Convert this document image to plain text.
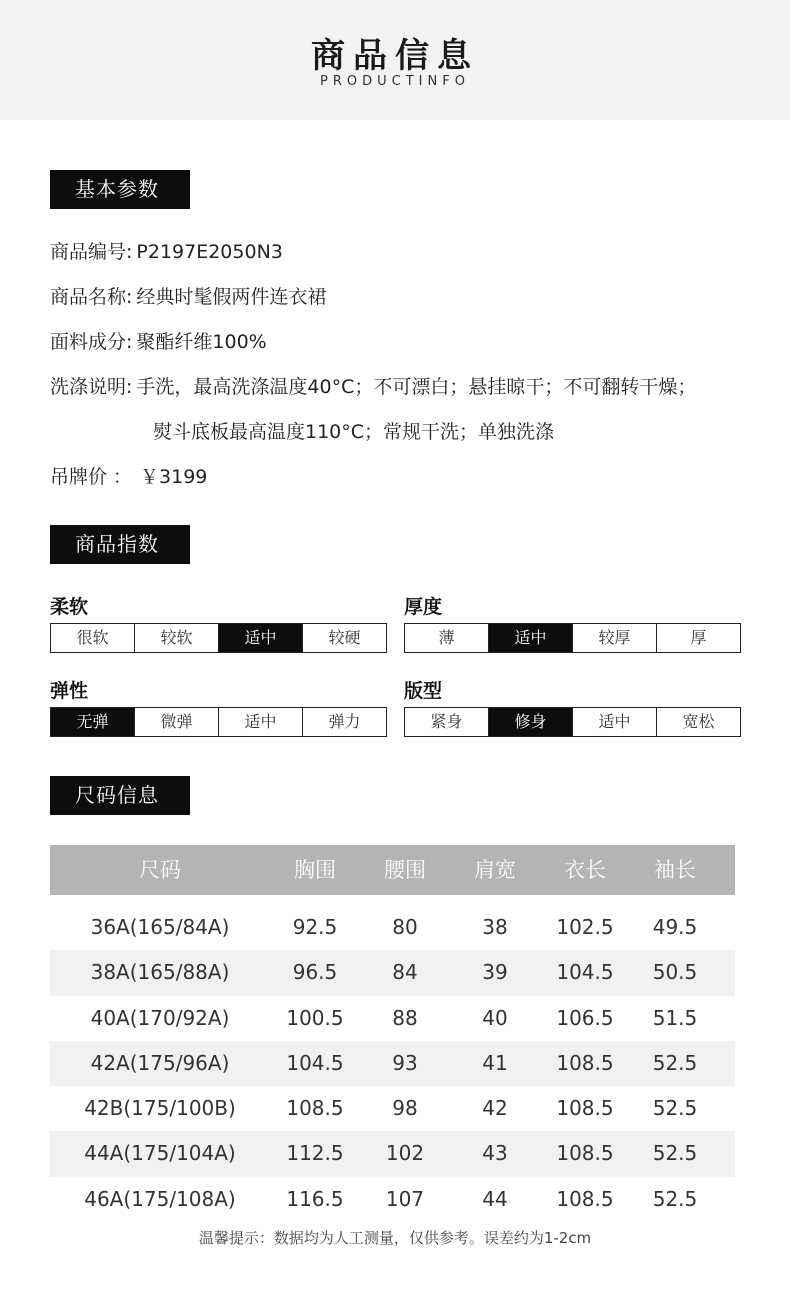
商品信息
PRODUCTINFO
基本参数
商品编号: P2197E2050N3
商品名称: 经典时髦假两件连衣裙
面料成分: 聚酯纤维100%
洗涤说明: 手洗，最高洗涤温度40°C；不可漂白；悬挂晾干；不可翻转干燥；
熨斗底板最高温度110°C；常规干洗；单独洗涤
吊牌价 ： ￥3199
商品指数
柔软
很软	较软	适中	较硬
厚度
薄	适中	较厚	厚
弹性
无弹	微弹	适中	弹力
版型
紧身	修身	适中	宽松
尺码信息
尺码	胸围	腰围	肩宽	衣长	袖长
36A(165/84A)	92.5	80	38	102.5	49.5
38A(165/88A)	96.5	84	39	104.5	50.5
40A(170/92A)	100.5	88	40	106.5	51.5
42A(175/96A)	104.5	93	41	108.5	52.5
42B(175/100B)	108.5	98	42	108.5	52.5
44A(175/104A)	112.5	102	43	108.5	52.5
46A(175/108A)	116.5	107	44	108.5	52.5
温馨提示：数据均为人工测量，仅供参考。误差约为1-2cm
